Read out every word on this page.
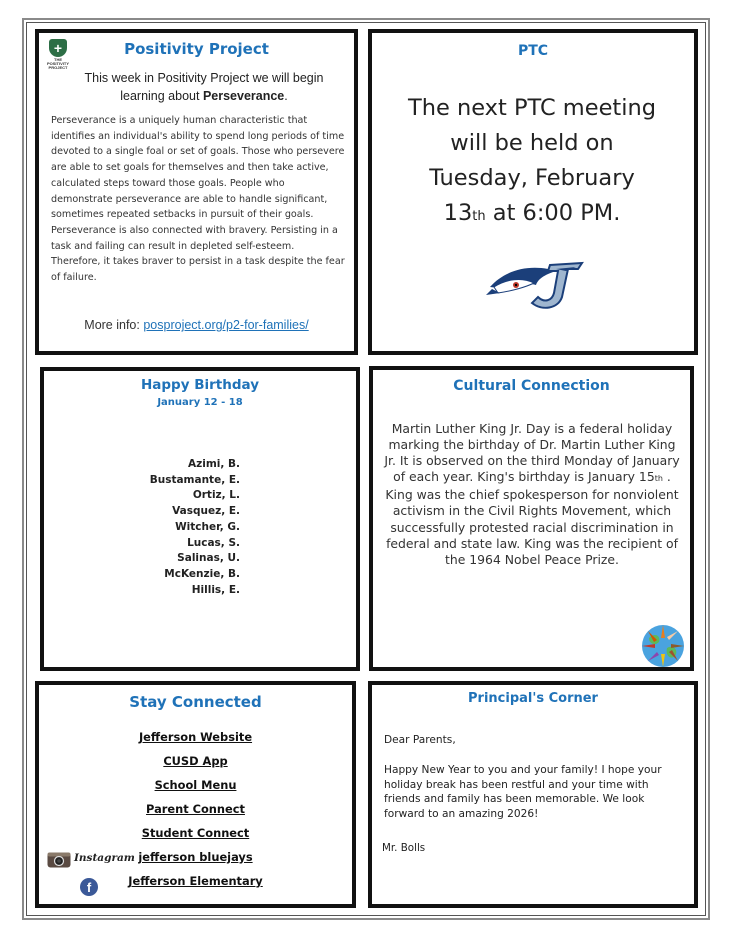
+
THE POSITIVITY PROJECT
Positivity Project
This week in Positivity Project we will begin learning about Perseverance.

Perseverance is a uniquely human characteristic that identifies an individual's ability to spend long periods of time devoted to a single foal or set of goals. Those who persevere are able to set goals for themselves and then take active, calculated steps toward those goals. People who demonstrate perseverance are able to handle significant, sometimes repeated setbacks in pursuit of their goals.

Perseverance is also connected with bravery. Persisting in a task and failing can result in depleted self-esteem. Therefore, it takes braver to persist in a task despite the fear of failure.

More info: posproject.org/p2-for-families/
PTC
The next PTC meeting
will be held on
Tuesday, February
13th at 6:00 PM.
Happy Birthday
January 12 - 18
Azimi, B.
Bustamante, E.
Ortiz, L.
Vasquez, E.
Witcher, G.
Lucas, S.
Salinas, U.
McKenzie, B.
Hillis, E.
Cultural Connection
Martin Luther King Jr. Day is a federal holiday marking the birthday of Dr. Martin Luther King Jr. It is observed on the third Monday of January of each year. King's birthday is January 15th . King was the chief spokesperson for nonviolent activism in the Civil Rights Movement, which successfully protested racial discrimination in federal and state law. King was the recipient of the 1964 Nobel Peace Prize.
Stay Connected
Jefferson Website
CUSD App
School Menu
Parent Connect
Student Connect
jefferson bluejays
Jefferson Elementary
Instagram
f
Principal's Corner
Dear Parents,
Happy New Year to you and your family! I hope your holiday break has been restful and your time with friends and family has been memorable. We look forward to an amazing 2026!
Mr. Bolls
